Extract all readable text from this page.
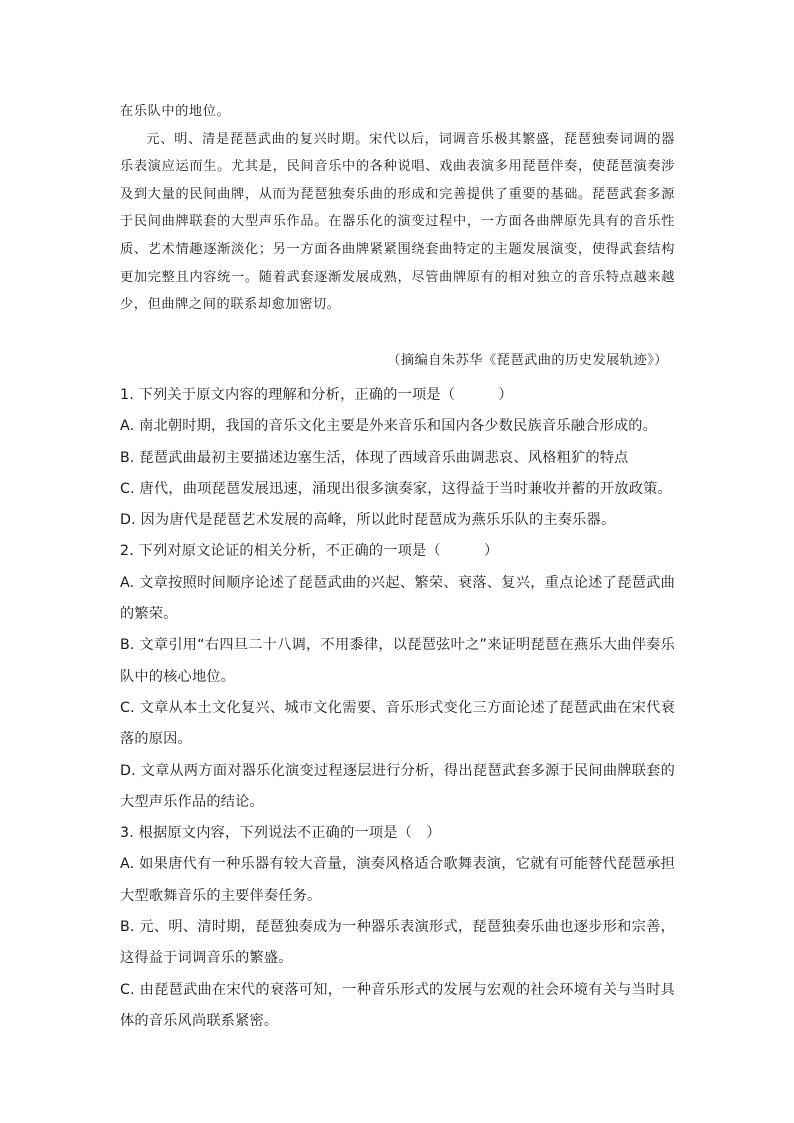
在乐队中的地位。

元、明、清是琵琶武曲的复兴时期。宋代以后，词调音乐极其繁盛，琵琶独奏词调的器乐表演应运而生。尤其是，民间音乐中的各种说唱、戏曲表演多用琵琶伴奏，使琵琶演奏涉及到大量的民间曲牌，从而为琵琶独奏乐曲的形成和完善提供了重要的基础。琵琶武套多源于民间曲牌联套的大型声乐作品。在器乐化的演变过程中，一方面各曲牌原先具有的音乐性质、艺术情趣逐渐淡化；另一方面各曲牌紧紧围绕套曲特定的主题发展演变，使得武套结构更加完整且内容统一。随着武套逐渐发展成熟，尽管曲牌原有的相对独立的音乐特点越来越少，但曲牌之间的联系却愈加密切。

（摘编自朱苏华《琵琶武曲的历史发展轨迹》）

1. 下列关于原文内容的理解和分析，正确的一项是（　　　）

A. 南北朝时期，我国的音乐文化主要是外来音乐和国内各少数民族音乐融合形成的。

B. 琵琶武曲最初主要描述边塞生活，体现了西域音乐曲调悲哀、风格粗犷的特点

C. 唐代，曲项琵琶发展迅速，涌现出很多演奏家，这得益于当时兼收并蓄的开放政策。

D. 因为唐代是琵琶艺术发展的高峰，所以此时琵琶成为燕乐乐队的主奏乐器。

2. 下列对原文论证的相关分析，不正确的一项是（　　　）

A. 文章按照时间顺序论述了琵琶武曲的兴起、繁荣、衰落、复兴，重点论述了琵琶武曲的繁荣。

B. 文章引用“右四旦二十八调，不用黍律，以琵琶弦叶之”来证明琵琶在燕乐大曲伴奏乐队中的核心地位。

C. 文章从本土文化复兴、城市文化需要、音乐形式变化三方面论述了琵琶武曲在宋代衰落的原因。

D. 文章从两方面对器乐化演变过程逐层进行分析，得出琵琶武套多源于民间曲牌联套的大型声乐作品的结论。

3. 根据原文内容，下列说法不正确的一项是（　）

A. 如果唐代有一种乐器有较大音量，演奏风格适合歌舞表演，它就有可能替代琵琶承担大型歌舞音乐的主要伴奏任务。

B. 元、明、清时期，琵琶独奏成为一种器乐表演形式，琵琶独奏乐曲也逐步形和宗善，这得益于词调音乐的繁盛。

C. 由琵琶武曲在宋代的衰落可知，一种音乐形式的发展与宏观的社会环境有关与当时具体的音乐风尚联系紧密。
